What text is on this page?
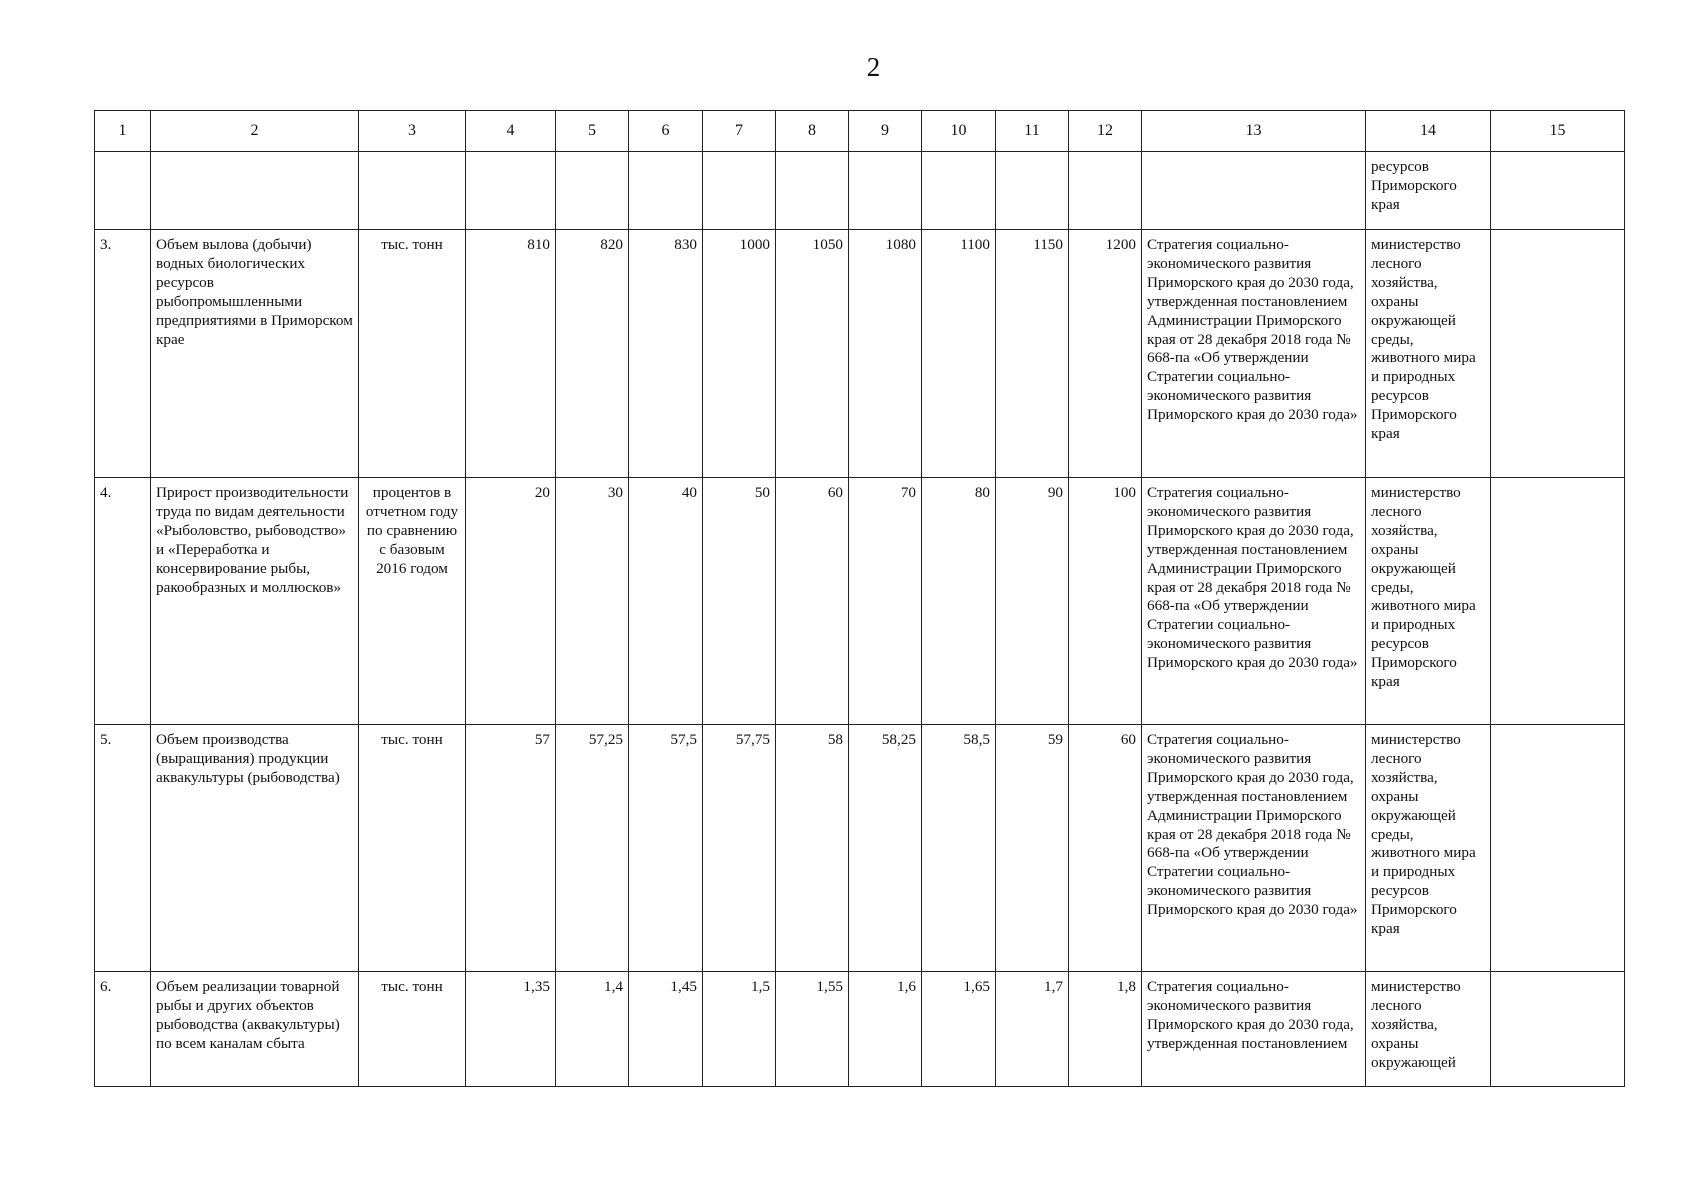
2
1	2	3	4	5	6	7	8	9	10	11	12	13	14	15
													ресурсов Приморского края	
3.	Объем вылова (добычи) водных биологических ресурсов рыбопромышленными предприятиями в Приморском крае	тыс. тонн	810	820	830	1000	1050	1080	1100	1150	1200	Стратегия социально-экономического развития Приморского края до 2030 года, утвержденная постановлением Администрации Приморского края от 28 декабря 2018 года № 668-па «Об утверждении Стратегии социально-экономического развития Приморского края до 2030 года»	министерство лесного хозяйства, охраны окружающей среды, животного мира и природных ресурсов Приморского края	
4.	Прирост производительности труда по видам деятельности «Рыболовство, рыбоводство» и «Переработка и консервирование рыбы, ракообразных и моллюсков»	процентов в отчетном году по сравнению с базовым 2016 годом	20	30	40	50	60	70	80	90	100	Стратегия социально-экономического развития Приморского края до 2030 года, утвержденная постановлением Администрации Приморского края от 28 декабря 2018 года № 668-па «Об утверждении Стратегии социально-экономического развития Приморского края до 2030 года»	министерство лесного хозяйства, охраны окружающей среды, животного мира и природных ресурсов Приморского края	
5.	Объем производства (выращивания) продукции аквакультуры (рыбоводства)	тыс. тонн	57	57,25	57,5	57,75	58	58,25	58,5	59	60	Стратегия социально-экономического развития Приморского края до 2030 года, утвержденная постановлением Администрации Приморского края от 28 декабря 2018 года № 668-па «Об утверждении Стратегии социально-экономического развития Приморского края до 2030 года»	министерство лесного хозяйства, охраны окружающей среды, животного мира и природных ресурсов Приморского края	
6.	Объем реализации товарной рыбы и других объектов рыбоводства (аквакультуры) по всем каналам сбыта	тыс. тонн	1,35	1,4	1,45	1,5	1,55	1,6	1,65	1,7	1,8	Стратегия социально-экономического развития Приморского края до 2030 года, утвержденная постановлением	министерство лесного хозяйства, охраны окружающей	
